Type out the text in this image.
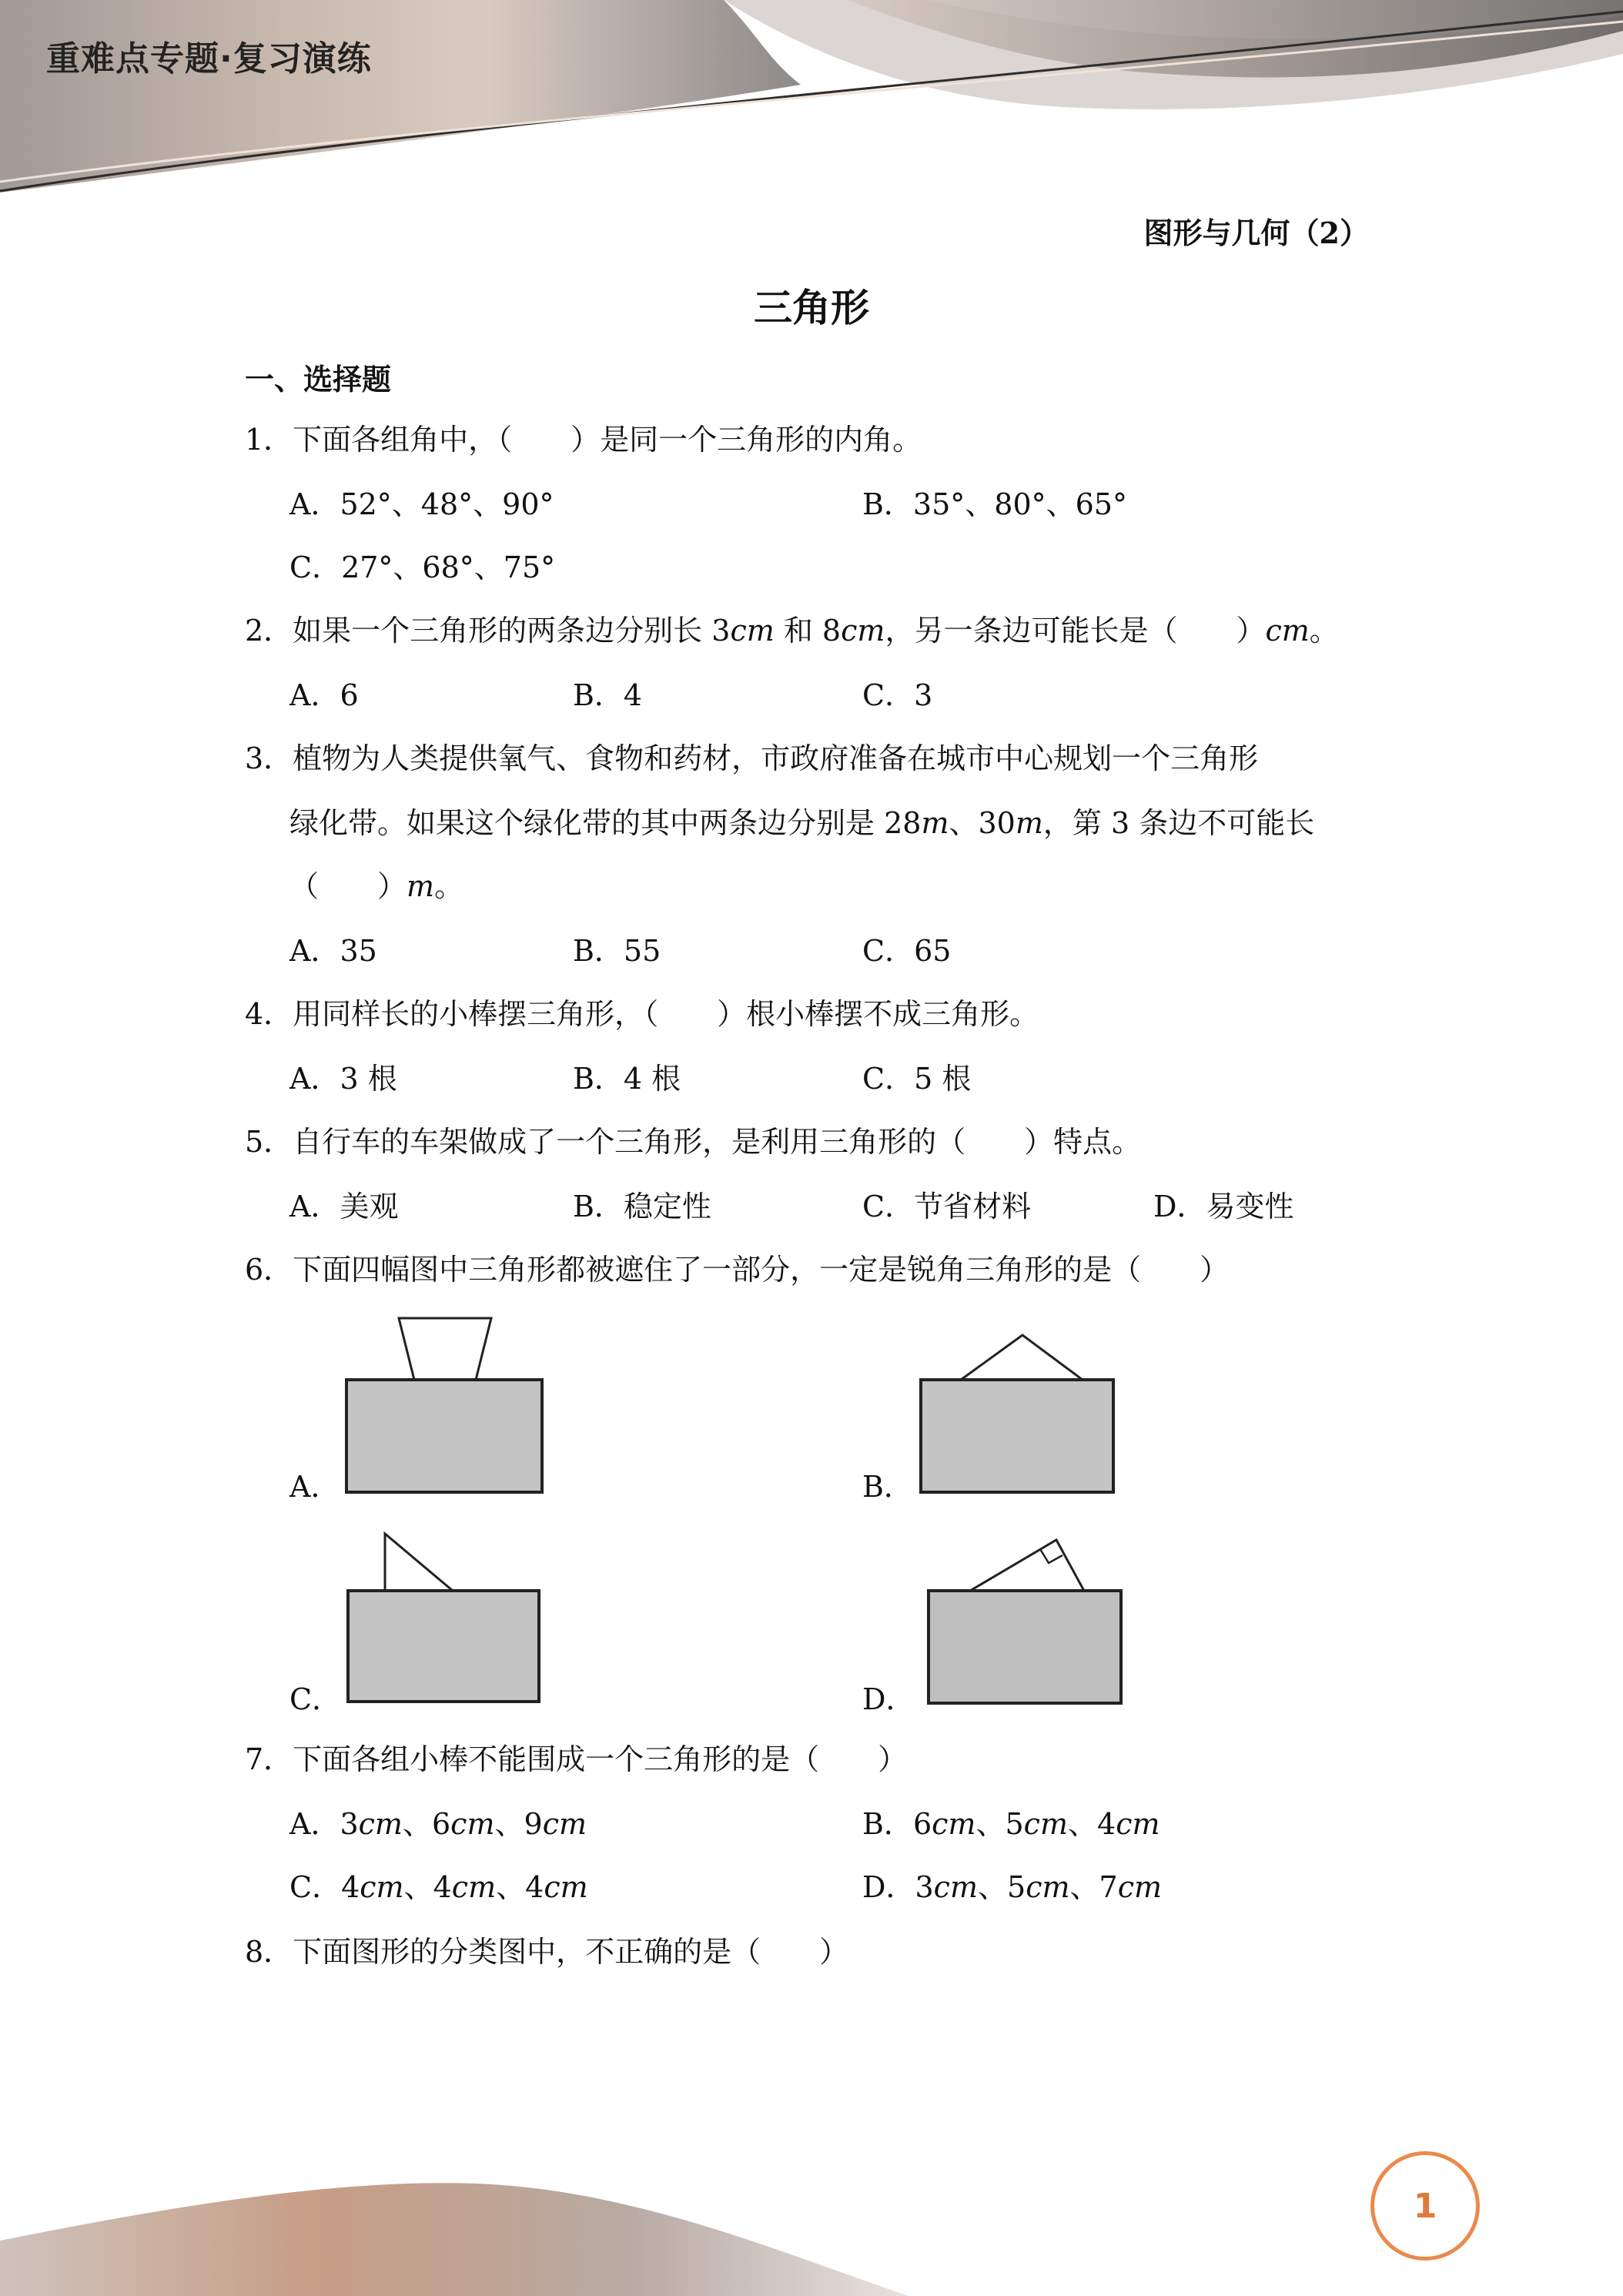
重难点专题·复习演练
图形与几何（2）
三角形
一、选择题
1．下面各组角中，（　　）是同一个三角形的内角。
A．52°、48°、90°	B．35°、80°、65°
C．27°、68°、75°
2．如果一个三角形的两条边分别长 3cm 和 8cm，另一条边可能长是（　　）cm。
A．6	B．4	C．3
3．植物为人类提供氧气、食物和药材，市政府准备在城市中心规划一个三角形
绿化带。如果这个绿化带的其中两条边分别是 28m、30m，第 3 条边不可能长
（　　）m。
A．35	B．55	C．65
4．用同样长的小棒摆三角形，（　　）根小棒摆不成三角形。
A．3 根	B．4 根	C．5 根
5．自行车的车架做成了一个三角形，是利用三角形的（　　）特点。
A．美观	B．稳定性	C．节省材料	D．易变性
6．下面四幅图中三角形都被遮住了一部分，一定是锐角三角形的是（　　）
A．	B．
C．	D．
7．下面各组小棒不能围成一个三角形的是（　　）
A．3cm、6cm、9cm	B．6cm、5cm、4cm
C．4cm、4cm、4cm	D．3cm、5cm、7cm
8．下面图形的分类图中，不正确的是（　　）
1
